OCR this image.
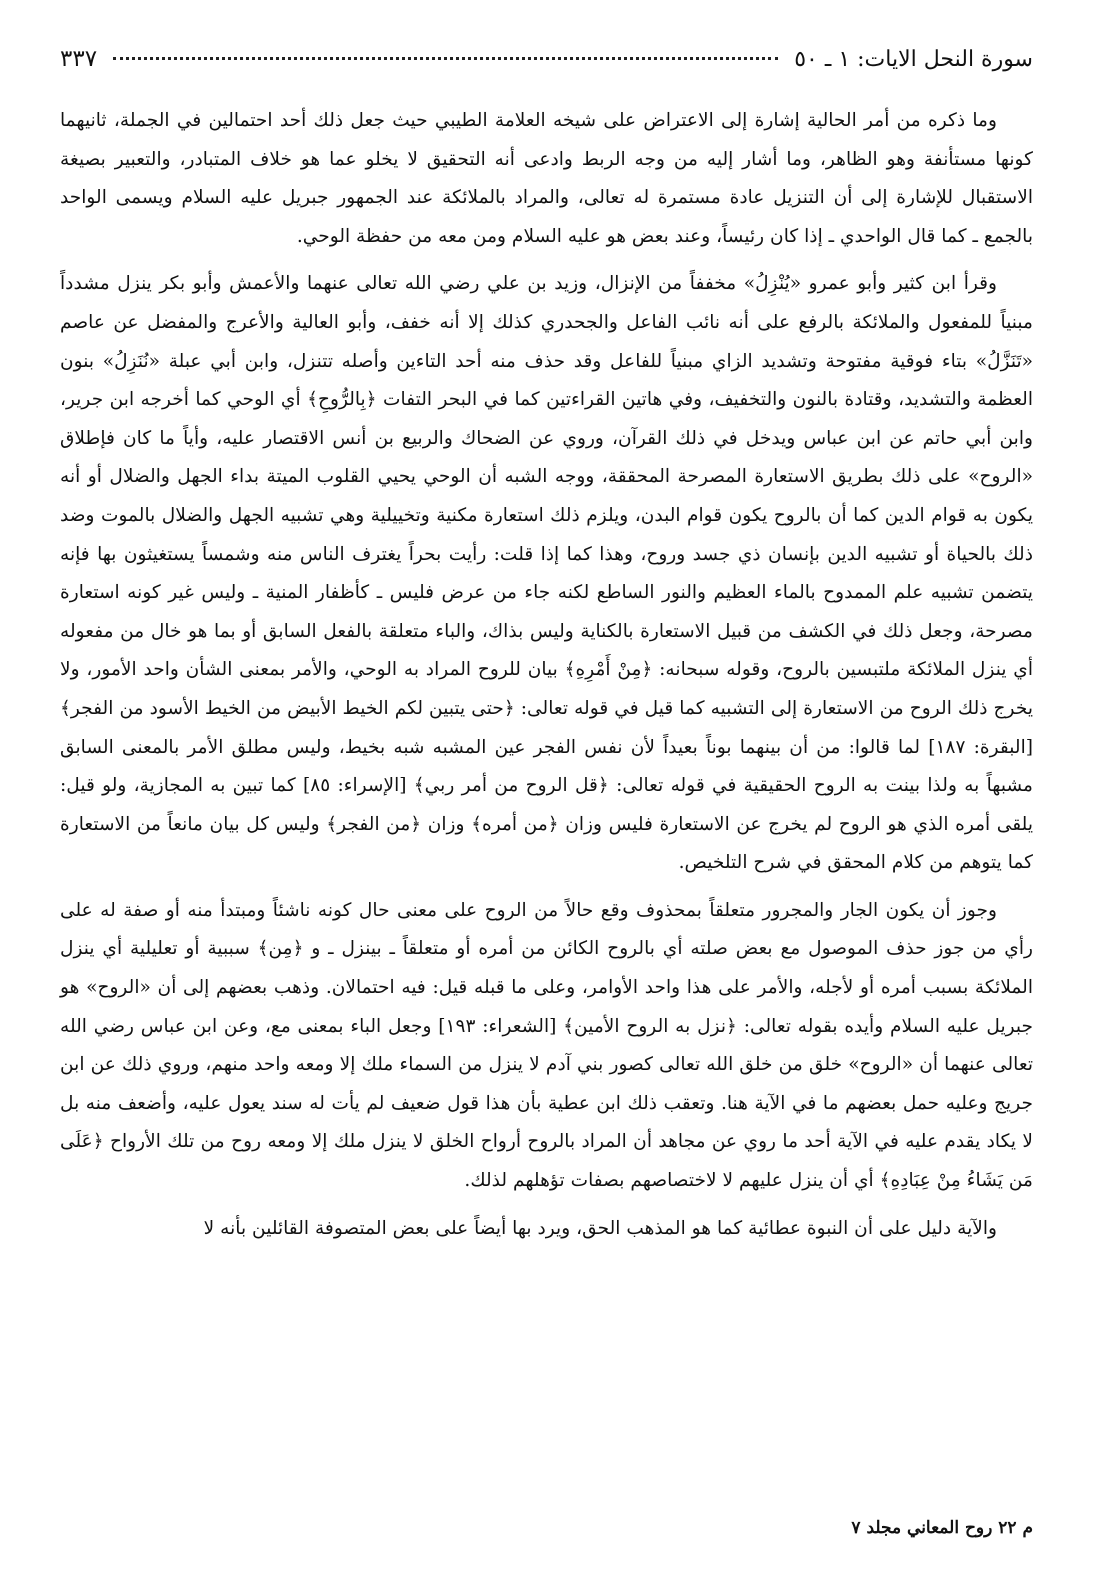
سورة النحل الايات: ١ ـ ٥٠
٣٣٧

وما ذكره من أمر الحالية إشارة إلى الاعتراض على شيخه العلامة الطيبي حيث جعل ذلك أحد احتمالين في الجملة، ثانيهما كونها مستأنفة وهو الظاهر، وما أشار إليه من وجه الربط وادعى أنه التحقيق لا يخلو عما هو خلاف المتبادر، والتعبير بصيغة الاستقبال للإشارة إلى أن التنزيل عادة مستمرة له تعالى، والمراد بالملائكة عند الجمهور جبريل عليه السلام ويسمى الواحد بالجمع ـ كما قال الواحدي ـ إذا كان رئيساً، وعند بعض هو عليه السلام ومن معه من حفظة الوحي.

وقرأ ابن كثير وأبو عمرو «يُنْزِلُ» مخففاً من الإنزال، وزيد بن علي رضي الله تعالى عنهما والأعمش وأبو بكر ينزل مشدداً مبنياً للمفعول والملائكة بالرفع على أنه نائب الفاعل والجحدري كذلك إلا أنه خفف، وأبو العالية والأعرج والمفضل عن عاصم «تَنَزَّلُ» بتاء فوقية مفتوحة وتشديد الزاي مبنياً للفاعل وقد حذف منه أحد التاءين وأصله تتنزل، وابن أبي عبلة «نُنَزِلُ» بنون العظمة والتشديد، وقتادة بالنون والتخفيف، وفي هاتين القراءتين كما في البحر التفات ﴿بِالرُّوحِ﴾ أي الوحي كما أخرجه ابن جرير، وابن أبي حاتم عن ابن عباس ويدخل في ذلك القرآن، وروي عن الضحاك والربيع بن أنس الاقتصار عليه، وأياً ما كان فإطلاق «الروح» على ذلك بطريق الاستعارة المصرحة المحققة، ووجه الشبه أن الوحي يحيي القلوب الميتة بداء الجهل والضلال أو أنه يكون به قوام الدين كما أن بالروح يكون قوام البدن، ويلزم ذلك استعارة مكنية وتخييلية وهي تشبيه الجهل والضلال بالموت وضد ذلك بالحياة أو تشبيه الدين بإنسان ذي جسد وروح، وهذا كما إذا قلت: رأيت بحراً يغترف الناس منه وشمساً يستغيثون بها فإنه يتضمن تشبيه علم الممدوح بالماء العظيم والنور الساطع لكنه جاء من عرض فليس ـ كأظفار المنية ـ وليس غير كونه استعارة مصرحة، وجعل ذلك في الكشف من قبيل الاستعارة بالكناية وليس بذاك، والباء متعلقة بالفعل السابق أو بما هو خال من مفعوله أي ينزل الملائكة ملتبسين بالروح، وقوله سبحانه: ﴿مِنْ أَمْرِهِ﴾ بيان للروح المراد به الوحي، والأمر بمعنى الشأن واحد الأمور، ولا يخرج ذلك الروح من الاستعارة إلى التشبيه كما قيل في قوله تعالى: ﴿حتى يتبين لكم الخيط الأبيض من الخيط الأسود من الفجر﴾ [البقرة: ١٨٧] لما قالوا: من أن بينهما بوناً بعيداً لأن نفس الفجر عين المشبه شبه بخيط، وليس مطلق الأمر بالمعنى السابق مشبهاً به ولذا بينت به الروح الحقيقية في قوله تعالى: ﴿قل الروح من أمر ربي﴾ [الإسراء: ٨٥] كما تبين به المجازية، ولو قيل: يلقى أمره الذي هو الروح لم يخرج عن الاستعارة فليس وزان ﴿من أمره﴾ وزان ﴿من الفجر﴾ وليس كل بيان مانعاً من الاستعارة كما يتوهم من كلام المحقق في شرح التلخيص.

وجوز أن يكون الجار والمجرور متعلقاً بمحذوف وقع حالاً من الروح على معنى حال كونه ناشئاً ومبتدأ منه أو صفة له على رأي من جوز حذف الموصول مع بعض صلته أي بالروح الكائن من أمره أو متعلقاً ـ بينزل ـ و ﴿مِن﴾ سببية أو تعليلية أي ينزل الملائكة بسبب أمره أو لأجله، والأمر على هذا واحد الأوامر، وعلى ما قبله قيل: فيه احتمالان. وذهب بعضهم إلى أن «الروح» هو جبريل عليه السلام وأيده بقوله تعالى: ﴿نزل به الروح الأمين﴾ [الشعراء: ١٩٣] وجعل الباء بمعنى مع، وعن ابن عباس رضي الله تعالى عنهما أن «الروح» خلق من خلق الله تعالى كصور بني آدم لا ينزل من السماء ملك إلا ومعه واحد منهم، وروي ذلك عن ابن جريج وعليه حمل بعضهم ما في الآية هنا. وتعقب ذلك ابن عطية بأن هذا قول ضعيف لم يأت له سند يعول عليه، وأضعف منه بل لا يكاد يقدم عليه في الآية أحد ما روي عن مجاهد أن المراد بالروح أرواح الخلق لا ينزل ملك إلا ومعه روح من تلك الأرواح ﴿عَلَى مَن يَشَاءُ مِنْ عِبَادِهِ﴾ أي أن ينزل عليهم لا لاختصاصهم بصفات تؤهلهم لذلك.

والآية دليل على أن النبوة عطائية كما هو المذهب الحق، ويرد بها أيضاً على بعض المتصوفة القائلين بأنه لا

م ٢٢ روح المعاني مجلد ٧
